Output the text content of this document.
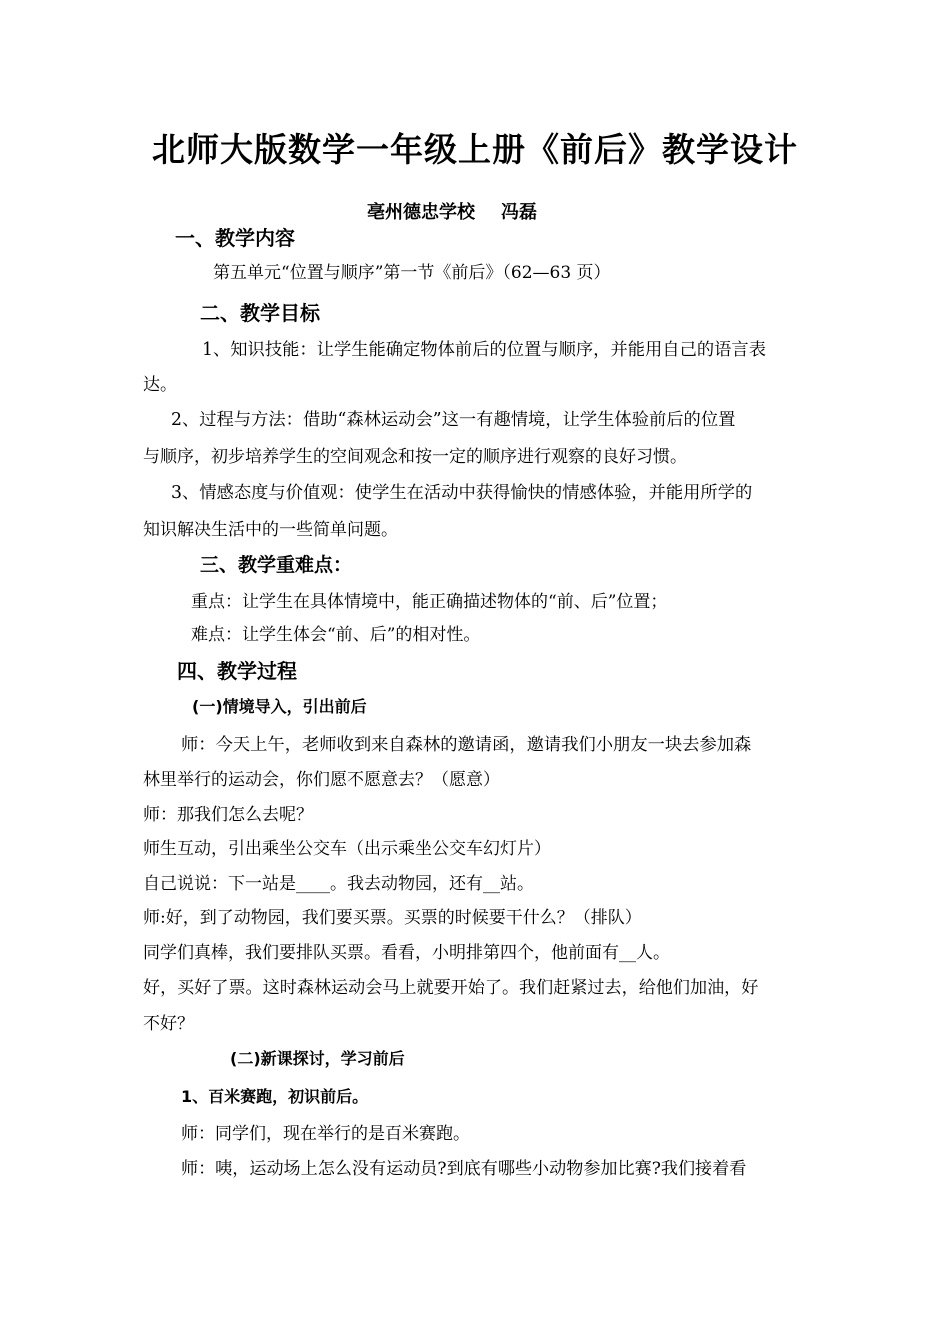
北师大版数学一年级上册《前后》教学设计
亳州德忠学校 冯磊
一、教学内容
第五单元“位置与顺序”第一节《前后》（62—63 页）
二、教学目标
1、知识技能：让学生能确定物体前后的位置与顺序，并能用自己的语言表
达。
2、过程与方法：借助“森林运动会”这一有趣情境，让学生体验前后的位置
与顺序，初步培养学生的空间观念和按一定的顺序进行观察的良好习惯。
3、情感态度与价值观：使学生在活动中获得愉快的情感体验，并能用所学的
知识解决生活中的一些简单问题。
三、教学重难点：
重点：让学生在具体情境中，能正确描述物体的“前、后”位置；
难点：让学生体会“前、后”的相对性。
四、教学过程
(一)情境导入，引出前后
师：今天上午，老师收到来自森林的邀请函，邀请我们小朋友一块去参加森
林里举行的运动会，你们愿不愿意去？（愿意）
师：那我们怎么去呢？
师生互动，引出乘坐公交车（出示乘坐公交车幻灯片）
自己说说：下一站是____。我去动物园，还有__站。
师:好，到了动物园，我们要买票。买票的时候要干什么？（排队）
同学们真棒，我们要排队买票。看看，小明排第四个，他前面有__人。
好，买好了票。这时森林运动会马上就要开始了。我们赶紧过去，给他们加油，好
不好？
(二)新课探讨，学习前后
1、百米赛跑，初识前后。
师：同学们，现在举行的是百米赛跑。
师：咦，运动场上怎么没有运动员?到底有哪些小动物参加比赛?我们接着看
